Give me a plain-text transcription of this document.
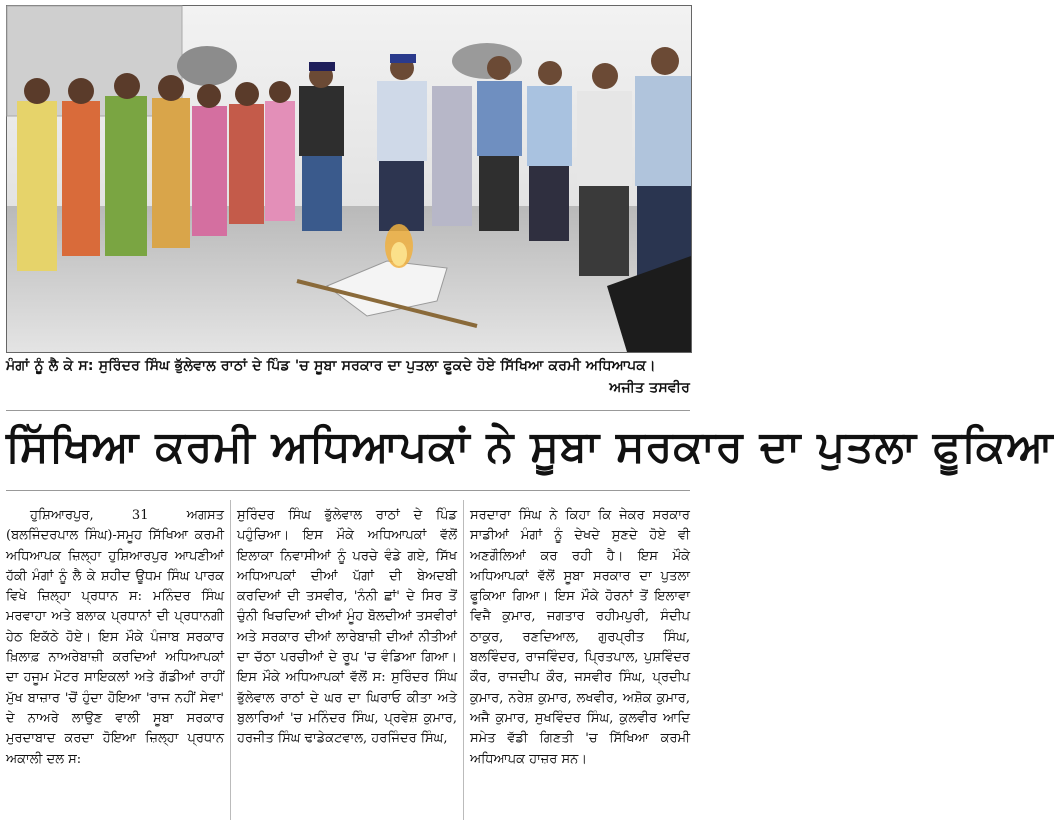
ਮੰਗਾਂ ਨੂੰ ਲੈ ਕੇ ਸ: ਸੁਰਿੰਦਰ ਸਿੰਘ ਭੁੱਲੇਵਾਲ ਰਾਠਾਂ ਦੇ ਪਿੰਡ 'ਚ ਸੂਬਾ ਸਰਕਾਰ ਦਾ ਪੁਤਲਾ ਫੂਕਦੇ ਹੋਏ ਸਿੱਖਿਆ ਕਰਮੀ ਅਧਿਆਪਕ।
ਅਜੀਤ ਤਸਵੀਰ
ਸਿੱਖਿਆ ਕਰਮੀ ਅਧਿਆਪਕਾਂ ਨੇ ਸੂਬਾ ਸਰਕਾਰ ਦਾ ਪੁਤਲਾ ਫੂਕਿਆ

ਹੁਸ਼ਿਆਰਪੁਰ, 31 ਅਗਸਤ (ਬਲਜਿੰਦਰਪਾਲ ਸਿੰਘ)-ਸਮੂਹ ਸਿੱਖਿਆ ਕਰਮੀ ਅਧਿਆਪਕ ਜ਼ਿਲ੍ਹਾ ਹੁਸ਼ਿਆਰਪੁਰ ਆਪਣੀਆਂ ਹੱਕੀ ਮੰਗਾਂ ਨੂੰ ਲੈ ਕੇ ਸ਼ਹੀਦ ਊਧਮ ਸਿੰਘ ਪਾਰਕ ਵਿਖੇ ਜ਼ਿਲ੍ਹਾ ਪ੍ਰਧਾਨ ਸ: ਮਨਿੰਦਰ ਸਿੰਘ ਮਰਵਾਹਾ ਅਤੇ ਬਲਾਕ ਪ੍ਰਧਾਨਾਂ ਦੀ ਪ੍ਰਧਾਨਗੀ ਹੇਠ ਇਕੱਠੇ ਹੋਏ। ਇਸ ਮੌਕੇ ਪੰਜਾਬ ਸਰਕਾਰ ਖ਼ਿਲਾਫ਼ ਨਾਅਰੇਬਾਜ਼ੀ ਕਰਦਿਆਂ ਅਧਿਆਪਕਾਂ ਦਾ ਹਜੂਮ ਮੋਟਰ ਸਾਇਕਲਾਂ ਅਤੇ ਗੱਡੀਆਂ ਰਾਹੀਂ ਮੁੱਖ ਬਾਜ਼ਾਰ 'ਚੋਂ ਹੁੰਦਾ ਹੋਇਆ 'ਰਾਜ ਨਹੀਂ ਸੇਵਾ' ਦੇ ਨਾਅਰੇ ਲਾਉਣ ਵਾਲੀ ਸੂਬਾ ਸਰਕਾਰ ਮੁਰਦਾਬਾਦ ਕਰਦਾ ਹੋਇਆ ਜ਼ਿਲ੍ਹਾ ਪ੍ਰਧਾਨ ਅਕਾਲੀ ਦਲ ਸ:

ਸੁਰਿੰਦਰ ਸਿੰਘ ਭੁੱਲੇਵਾਲ ਰਾਠਾਂ ਦੇ ਪਿੰਡ ਪਹੁੰਚਿਆ। ਇਸ ਮੌਕੇ ਅਧਿਆਪਕਾਂ ਵੱਲੋਂ ਇਲਾਕਾ ਨਿਵਾਸੀਆਂ ਨੂੰ ਪਰਚੇ ਵੰਡੇ ਗਏ, ਸਿੱਖ ਅਧਿਆਪਕਾਂ ਦੀਆਂ ਪੱਗਾਂ ਦੀ ਬੇਅਦਬੀ ਕਰਦਿਆਂ ਦੀ ਤਸਵੀਰ, 'ਨੰਨੀ ਛਾਂ' ਦੇ ਸਿਰ ਤੋਂ ਚੁੰਨੀ ਖਿਚਦਿਆਂ ਦੀਆਂ ਮੂੰਹ ਬੋਲਦੀਆਂ ਤਸਵੀਰਾਂ ਅਤੇ ਸਰਕਾਰ ਦੀਆਂ ਲਾਰੇਬਾਜ਼ੀ ਦੀਆਂ ਨੀਤੀਆਂ ਦਾ ਚੱਠਾ ਪਰਚੀਆਂ ਦੇ ਰੂਪ 'ਚ ਵੰਡਿਆ ਗਿਆ। ਇਸ ਮੌਕੇ ਅਧਿਆਪਕਾਂ ਵੱਲੋਂ ਸ: ਸੁਰਿੰਦਰ ਸਿੰਘ ਭੁੱਲੇਵਾਲ ਰਾਠਾਂ ਦੇ ਘਰ ਦਾ ਘਿਰਾਓ ਕੀਤਾ ਅਤੇ ਬੁਲਾਰਿਆਂ 'ਚ ਮਨਿੰਦਰ ਸਿੰਘ, ਪ੍ਰਵੇਸ਼ ਕੁਮਾਰ, ਹਰਜੀਤ ਸਿੰਘ ਢਾਡੇਕਟਵਾਲ, ਹਰਜਿੰਦਰ ਸਿੰਘ,

ਸਰਦਾਰਾ ਸਿੰਘ ਨੇ ਕਿਹਾ ਕਿ ਜੇਕਰ ਸਰਕਾਰ ਸਾਡੀਆਂ ਮੰਗਾਂ ਨੂੰ ਦੇਖਦੇ ਸੁਣਦੇ ਹੋਏ ਵੀ ਅਣਗੌਲਿਆਂ ਕਰ ਰਹੀ ਹੈ। ਇਸ ਮੌਕੇ ਅਧਿਆਪਕਾਂ ਵੱਲੋਂ ਸੂਬਾ ਸਰਕਾਰ ਦਾ ਪੁਤਲਾ ਫੂਕਿਆ ਗਿਆ। ਇਸ ਮੌਕੇ ਹੋਰਨਾਂ ਤੋਂ ਇਲਾਵਾ ਵਿਜੈ ਕੁਮਾਰ, ਜਗਤਾਰ ਰਹੀਮਪੁਰੀ, ਸੰਦੀਪ ਠਾਕੁਰ, ਰਣਦਿਆਲ, ਗੁਰਪ੍ਰੀਤ ਸਿੰਘ, ਬਲਵਿੰਦਰ, ਰਾਜਵਿੰਦਰ, ਪ੍ਰਿਤਪਾਲ, ਪੁਸ਼ਵਿੰਦਰ ਕੌਰ, ਰਾਜਦੀਪ ਕੌਰ, ਜਸਵੀਰ ਸਿੰਘ, ਪ੍ਰਦੀਪ ਕੁਮਾਰ, ਨਰੇਸ਼ ਕੁਮਾਰ, ਲਖਵੀਰ, ਅਸ਼ੋਕ ਕੁਮਾਰ, ਅਜੈ ਕੁਮਾਰ, ਸੁਖਵਿੰਦਰ ਸਿੰਘ, ਕੁਲਵੀਰ ਆਦਿ ਸਮੇਤ ਵੱਡੀ ਗਿਣਤੀ 'ਚ ਸਿੱਖਿਆ ਕਰਮੀ ਅਧਿਆਪਕ ਹਾਜ਼ਰ ਸਨ।
